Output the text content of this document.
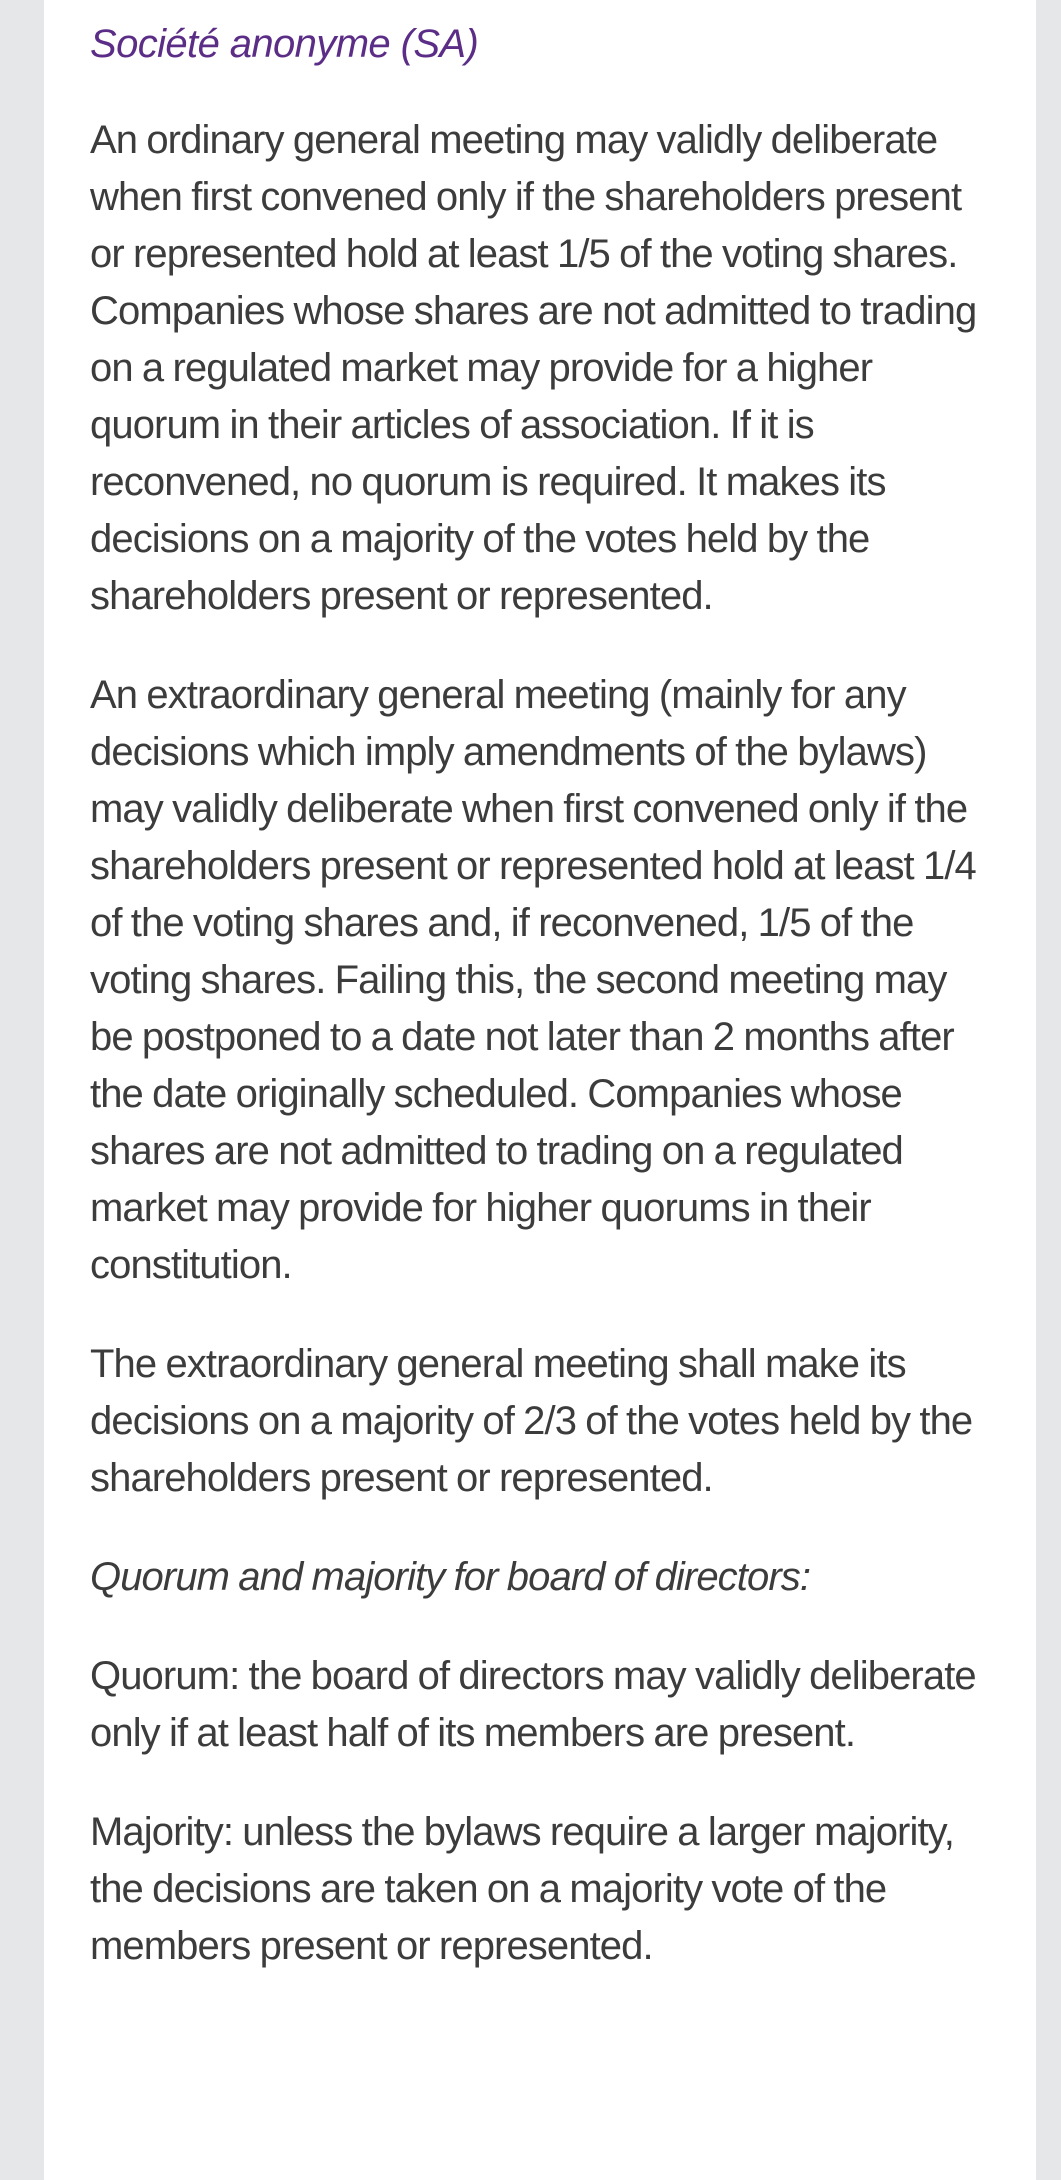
Société anonyme (SA)

An ordinary general meeting may validly deliberate when first convened only if the shareholders present or represented hold at least 1/5 of the voting shares. Companies whose shares are not admitted to trading on a regulated market may provide for a higher quorum in their articles of association. If it is reconvened, no quorum is required. It makes its decisions on a majority of the votes held by the shareholders present or represented.

An extraordinary general meeting (mainly for any decisions which imply amendments of the bylaws) may validly deliberate when first convened only if the shareholders present or represented hold at least 1/4 of the voting shares and, if reconvened, 1/5 of the voting shares. Failing this, the second meeting may be postponed to a date not later than 2 months after the date originally scheduled. Companies whose shares are not admitted to trading on a regulated market may provide for higher quorums in their constitution.

The extraordinary general meeting shall make its decisions on a majority of 2/3 of the votes held by the shareholders present or represented.

Quorum and majority for board of directors:

Quorum: the board of directors may validly deliberate only if at least half of its members are present.

Majority: unless the bylaws require a larger majority, the decisions are taken on a majority vote of the members present or represented.
